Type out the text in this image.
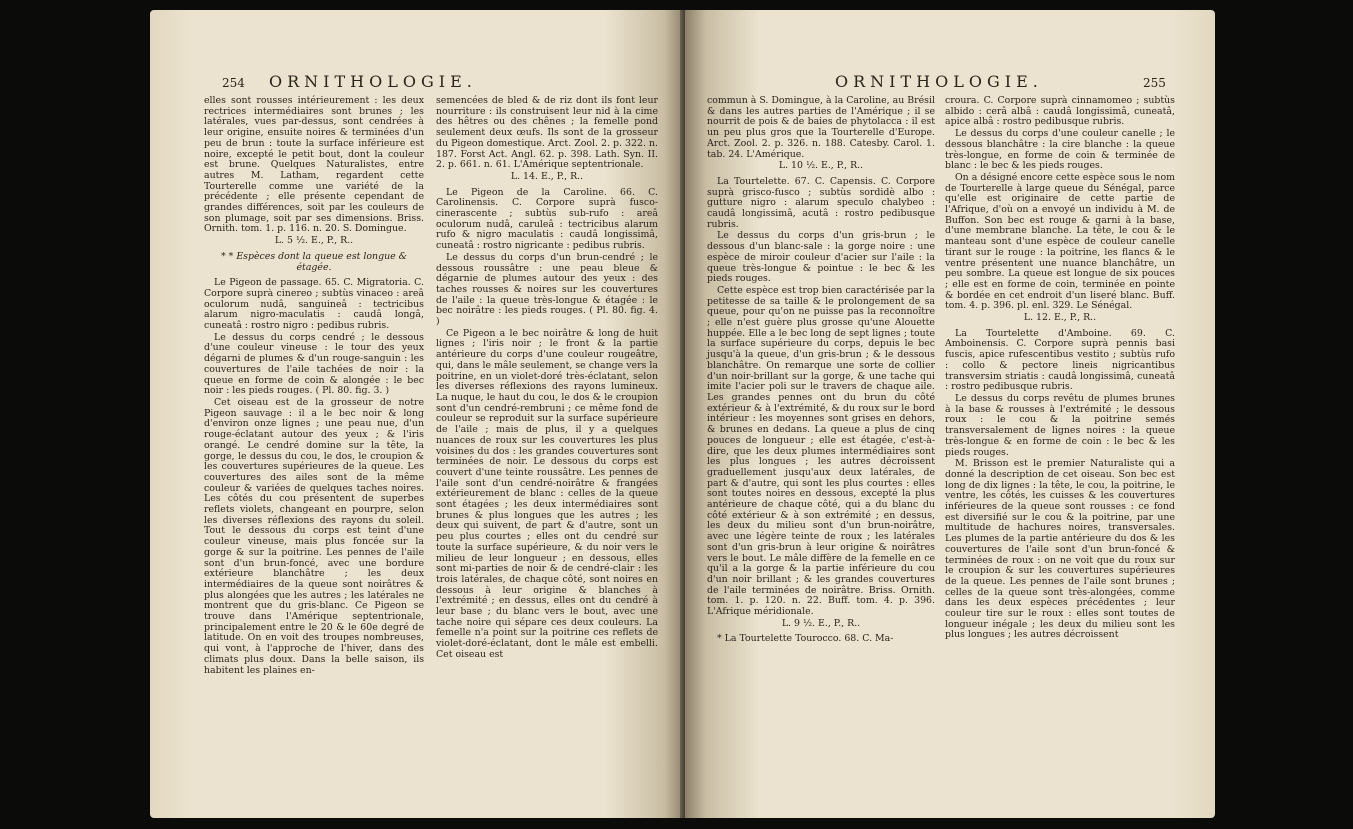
254 ORNITHOLOGIE.

elles sont rousses intérieurement : les deux rectrices intermédiaires sont brunes ; les latérales, vues par-dessus, sont cendrées à leur origine, ensuite noires & terminées d'un peu de brun : toute la surface inférieure est noire, excepté le petit bout, dont la couleur est brune. Quelques Naturalistes, entre autres M. Latham, regardent cette Tourterelle comme une variété de la précédente ; elle présente cependant de grandes différences, soit par les couleurs de son plumage, soit par ses dimensions. Briss. Ornith. tom. 1. p. 116. n. 20. S. Domingue.

L. 5 ½. E., P., R..

* * Espèces dont la queue est longue & étagée.

Le Pigeon de passage. 65. C. Migratoria. C. Corpore suprà cinereo ; subtùs vinaceo : areâ oculorum nudâ, sanguineâ : tectricibus alarum nigro-maculatis : caudâ longâ, cuneatâ : rostro nigro : pedibus rubris.

Le dessus du corps cendré ; le dessous d'une couleur vineuse : le tour des yeux dégarni de plumes & d'un rouge-sanguin : les couvertures de l'aile tachées de noir : la queue en forme de coin & alongée : le bec noir : les pieds rouges. ( Pl. 80. fig. 3. )

Cet oiseau est de la grosseur de notre Pigeon sauvage : il a le bec noir & long d'environ onze lignes ; une peau nue, d'un rouge-éclatant autour des yeux ; & l'iris orangé. Le cendré domine sur la tête, la gorge, le dessus du cou, le dos, le croupion & les couvertures supérieures de la queue. Les couvertures des ailes sont de la même couleur & variées de quelques taches noires. Les côtés du cou présentent de superbes reflets violets, changeant en pourpre, selon les diverses réflexions des rayons du soleil. Tout le dessous du corps est teint d'une couleur vineuse, mais plus foncée sur la gorge & sur la poitrine. Les pennes de l'aile sont d'un brun-foncé, avec une bordure extérieure blanchâtre ; les deux intermédiaires de la queue sont noirâtres & plus alongées que les autres ; les latérales ne montrent que du gris-blanc. Ce Pigeon se trouve dans l'Amérique septentrionale, principalement entre le 20 & le 60e degré de latitude. On en voit des troupes nombreuses, qui vont, à l'approche de l'hiver, dans des climats plus doux. Dans la belle saison, ils habitent les plaines en-

semencées de bled & de riz dont ils font leur nourriture : ils construisent leur nid à la cime des hêtres ou des chênes ; la femelle pond seulement deux œufs. Ils sont de la grosseur du Pigeon domestique. Arct. Zool. 2. p. 322. n. 187. Forst Act. Angl. 62. p. 398. Lath. Syn. II. 2. p. 661. n. 61. L'Amérique septentrionale.

L. 14. E., P., R..

Le Pigeon de la Caroline. 66. C. Carolinensis. C. Corpore suprà fusco-cinerascente ; subtùs sub-rufo : areâ oculorum nudâ, caruleâ : tectricibus alarum rufo & nigro maculatis : caudâ longissimâ, cuneatâ : rostro nigricante : pedibus rubris.

Le dessus du corps d'un brun-cendré ; le dessous roussâtre : une peau bleue & dégarnie de plumes autour des yeux : des taches rousses & noires sur les couvertures de l'aile : la queue très-longue & étagée : le bec noirâtre : les pieds rouges. ( Pl. 80. fig. 4. )

Ce Pigeon a le bec noirâtre & long de huit lignes ; l'iris noir ; le front & la partie antérieure du corps d'une couleur rougeâtre, qui, dans le mâle seulement, se change vers la poitrine, en un violet-doré très-éclatant, selon les diverses réflexions des rayons lumineux. La nuque, le haut du cou, le dos & le croupion sont d'un cendré-rembruni ; ce même fond de couleur se reproduit sur la surface supérieure de l'aile ; mais de plus, il y a quelques nuances de roux sur les couvertures les plus voisines du dos : les grandes couvertures sont terminées de noir. Le dessous du corps est couvert d'une teinte roussâtre. Les pennes de l'aile sont d'un cendré-noirâtre & frangées extérieurement de blanc : celles de la queue sont étagées ; les deux intermédiaires sont brunes & plus longues que les autres ; les deux qui suivent, de part & d'autre, sont un peu plus courtes ; elles ont du cendré sur toute la surface supérieure, & du noir vers le milieu de leur longueur ; en dessous, elles sont mi-parties de noir & de cendré-clair : les trois latérales, de chaque côté, sont noires en dessous à leur origine & blanches à l'extrémité ; en dessus, elles ont du cendré à leur base ; du blanc vers le bout, avec une tache noire qui sépare ces deux couleurs. La femelle n'a point sur la poitrine ces reflets de violet-doré-éclatant, dont le mâle est embelli. Cet oiseau est

ORNITHOLOGIE.	255

commun à S. Domingue, à la Caroline, au Brésil & dans les autres parties de l'Amérique ; il se nourrit de pois & de baies de phytolacca : il est un peu plus gros que la Tourterelle d'Europe. Arct. Zool. 2. p. 326. n. 188. Catesby. Carol. 1. tab. 24. L'Amérique.

L. 10 ½. E., P., R..

La Tourtelette. 67. C. Capensis. C. Corpore suprà grisco-fusco ; subtùs sordidè albo : gutture nigro : alarum speculo chalybeo : caudâ longissimâ, acutâ : rostro pedibusque rubris.

Le dessus du corps d'un gris-brun ; le dessous d'un blanc-sale : la gorge noire : une espèce de miroir couleur d'acier sur l'aile : la queue très-longue & pointue : le bec & les pieds rouges.

Cette espèce est trop bien caractérisée par la petitesse de sa taille & le prolongement de sa queue, pour qu'on ne puisse pas la reconnoître ; elle n'est guère plus grosse qu'une Alouette huppée. Elle a le bec long de sept lignes ; toute la surface supérieure du corps, depuis le bec jusqu'à la queue, d'un gris-brun ; & le dessous blanchâtre. On remarque une sorte de collier d'un noir-brillant sur la gorge, & une tache qui imite l'acier poli sur le travers de chaque aile. Les grandes pennes ont du brun du côté extérieur & à l'extrémité, & du roux sur le bord intérieur : les moyennes sont grises en dehors, & brunes en dedans. La queue a plus de cinq pouces de longueur ; elle est étagée, c'est-à-dire, que les deux plumes intermédiaires sont les plus longues ; les autres décroissent graduellement jusqu'aux deux latérales, de part & d'autre, qui sont les plus courtes : elles sont toutes noires en dessous, excepté la plus antérieure de chaque côté, qui a du blanc du côté extérieur & à son extrémité ; en dessus, les deux du milieu sont d'un brun-noirâtre, avec une légère teinte de roux ; les latérales sont d'un gris-brun à leur origine & noirâtres vers le bout. Le mâle diffère de la femelle en ce qu'il a la gorge & la partie inférieure du cou d'un noir brillant ; & les grandes couvertures de l'aile terminées de noirâtre. Briss. Ornith. tom. 1. p. 120. n. 22. Buff. tom. 4. p. 396. L'Afrique méridionale.

L. 9 ½. E., P., R..

* La Tourtelette Tourocco. 68. C. Ma-

croura. C. Corpore suprà cinnamomeo ; subtùs albido : cerâ albâ : caudâ longissimâ, cuneatâ, apice albâ : rostro pedibusque rubris.

Le dessus du corps d'une couleur canelle ; le dessous blanchâtre : la cire blanche : la queue très-longue, en forme de coin & terminée de blanc : le bec & les pieds rouges.

On a désigné encore cette espèce sous le nom de Tourterelle à large queue du Sénégal, parce qu'elle est originaire de cette partie de l'Afrique, d'où on a envoyé un individu à M. de Buffon. Son bec est rouge & garni à la base, d'une membrane blanche. La tête, le cou & le manteau sont d'une espèce de couleur canelle tirant sur le rouge : la poitrine, les flancs & le ventre présentent une nuance blanchâtre, un peu sombre. La queue est longue de six pouces ; elle est en forme de coin, terminée en pointe & bordée en cet endroit d'un liseré blanc. Buff. tom. 4. p. 396. pl. enl. 329. Le Sénégal.

L. 12. E., P., R..

La Tourtelette d'Amboine. 69. C. Amboinensis. C. Corpore suprà pennis basi fuscis, apice rufescentibus vestito ; subtùs rufo : collo & pectore lineis nigricantibus transversim striatis : caudâ longissimâ, cuneatâ : rostro pedibusque rubris.

Le dessus du corps revêtu de plumes brunes à la base & rousses à l'extrémité ; le dessous roux : le cou & la poitrine semés transversalement de lignes noires : la queue très-longue & en forme de coin : le bec & les pieds rouges.

M. Brisson est le premier Naturaliste qui a donné la description de cet oiseau. Son bec est long de dix lignes : la tête, le cou, la poitrine, le ventre, les côtés, les cuisses & les couvertures inférieures de la queue sont rousses : ce fond est diversifié sur le cou & la poitrine, par une multitude de hachures noires, transversales. Les plumes de la partie antérieure du dos & les couvertures de l'aile sont d'un brun-foncé & terminées de roux : on ne voit que du roux sur le croupion & sur les couvertures supérieures de la queue. Les pennes de l'aile sont brunes ; celles de la queue sont très-alongées, comme dans les deux espèces précédentes ; leur couleur tire sur le roux : elles sont toutes de longueur inégale ; les deux du milieu sont les plus longues ; les autres décroissent
